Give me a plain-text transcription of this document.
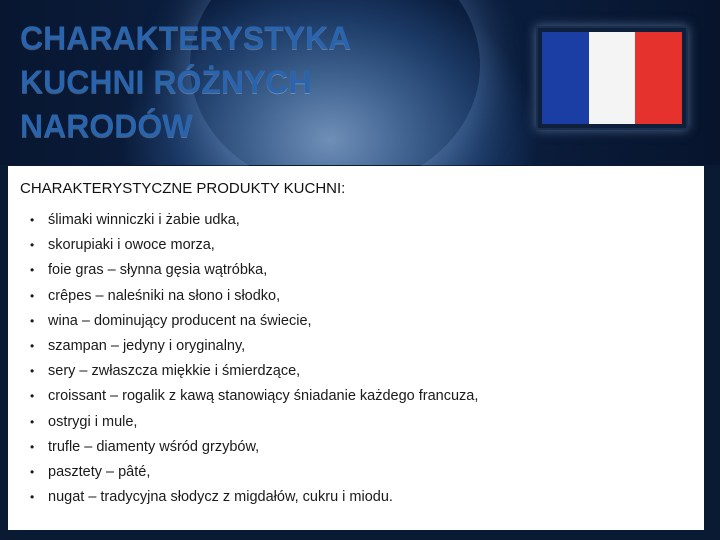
CHARAKTERYSTYKA
KUCHNI RÓŻNYCH
NARODÓW
CHARAKTERYSTYCZNE PRODUKTY KUCHNI:
• ślimaki winniczki i żabie udka,
• skorupiaki i owoce morza,
• foie gras – słynna gęsia wątróbka,
• crêpes – naleśniki na słono i słodko,
• wina – dominujący producent na świecie,
• szampan – jedyny i oryginalny,
• sery – zwłaszcza miękkie i śmierdzące,
• croissant – rogalik z kawą stanowiący śniadanie każdego francuza,
• ostrygi i mule,
• trufle – diamenty wśród grzybów,
• pasztety – pâté,
• nugat – tradycyjna słodycz z migdałów, cukru i miodu.
